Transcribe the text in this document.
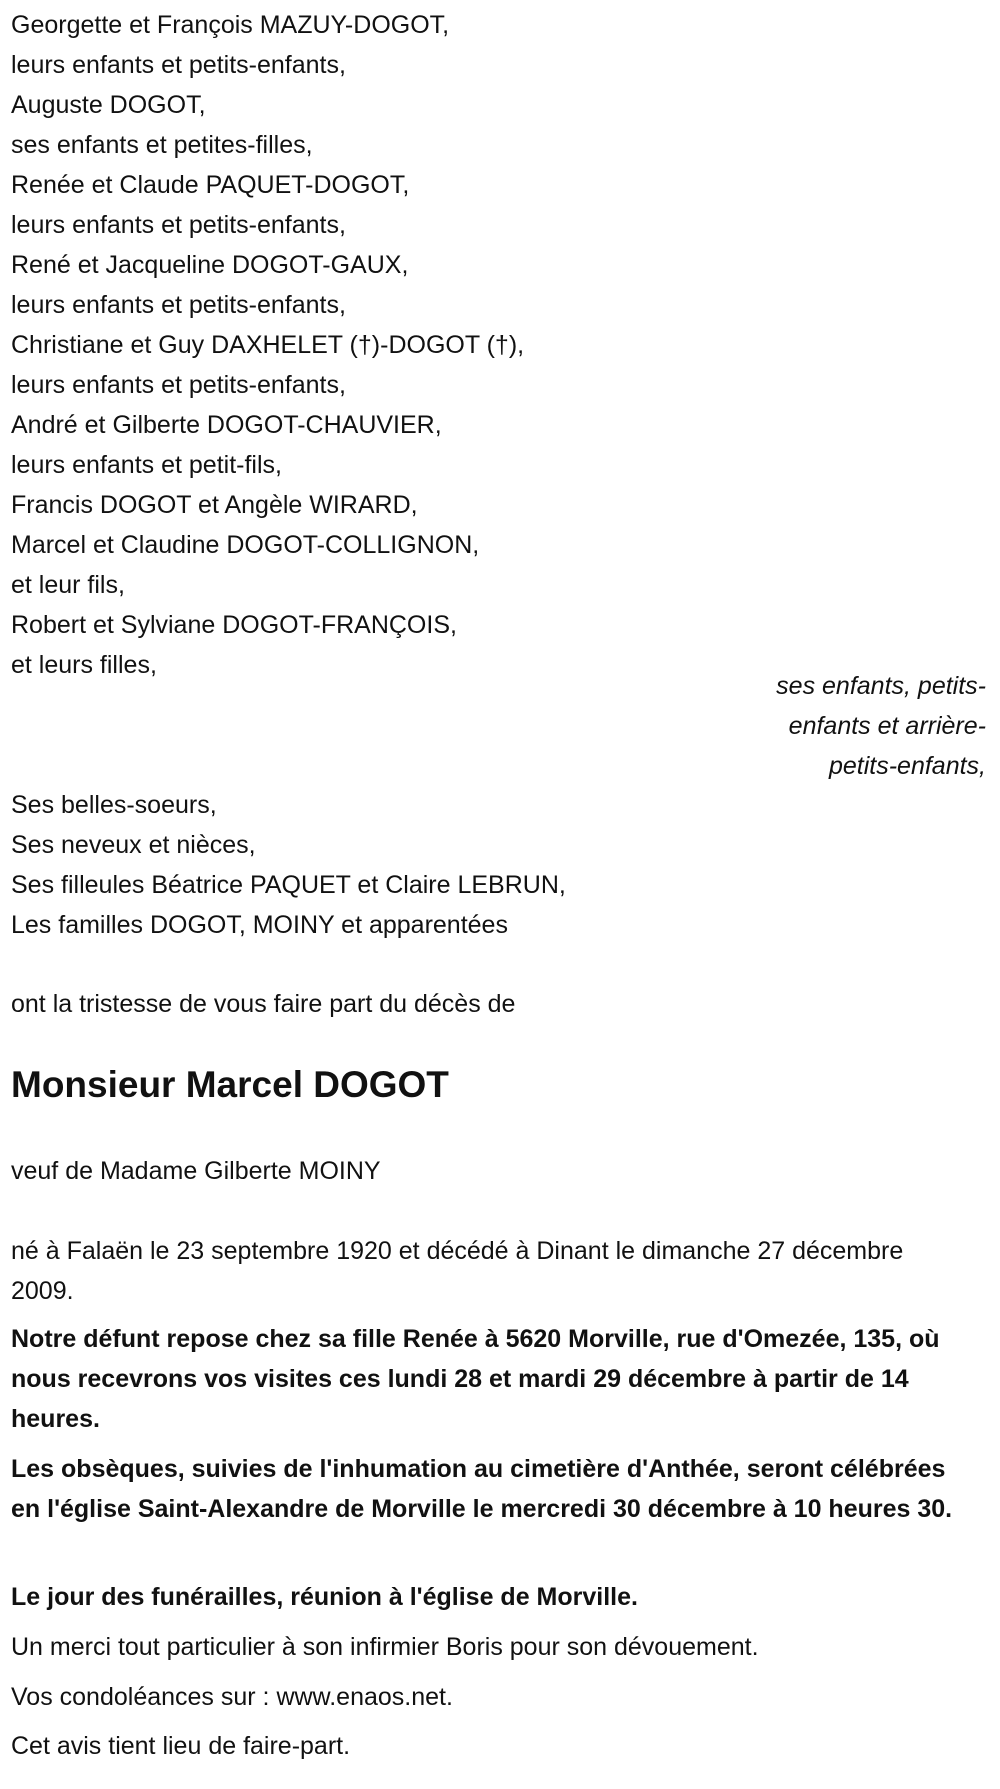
Georgette et François MAZUY-DOGOT,
leurs enfants et petits-enfants,
Auguste DOGOT,
ses enfants et petites-filles,
Renée et Claude PAQUET-DOGOT,
leurs enfants et petits-enfants,
René et Jacqueline DOGOT-GAUX,
leurs enfants et petits-enfants,
Christiane et Guy DAXHELET (†)-DOGOT (†),
leurs enfants et petits-enfants,
André et Gilberte DOGOT-CHAUVIER,
leurs enfants et petit-fils,
Francis DOGOT et Angèle WIRARD,
Marcel et Claudine DOGOT-COLLIGNON,
et leur fils,
Robert et Sylviane DOGOT-FRANÇOIS,
et leurs filles,
ses enfants, petits-enfants et arrière-petits-enfants,
Ses belles-soeurs,
Ses neveux et nièces,
Ses filleules Béatrice PAQUET et Claire LEBRUN,
Les familles DOGOT, MOINY et apparentées
ont la tristesse de vous faire part du décès de
Monsieur Marcel DOGOT
veuf de Madame Gilberte MOINY
né à Falaën le 23 septembre 1920 et décédé à Dinant le dimanche 27 décembre 2009.
Notre défunt repose chez sa fille Renée à 5620 Morville, rue d'Omezée, 135, où nous recevrons vos visites ces lundi 28 et mardi 29 décembre à partir de 14 heures.
Les obsèques, suivies de l'inhumation au cimetière d'Anthée, seront célébrées en l'église Saint-Alexandre de Morville le mercredi 30 décembre à 10 heures 30.
Le jour des funérailles, réunion à l'église de Morville.
Un merci tout particulier à son infirmier Boris pour son dévouement.
Vos condoléances sur : www.enaos.net.
Cet avis tient lieu de faire-part.
